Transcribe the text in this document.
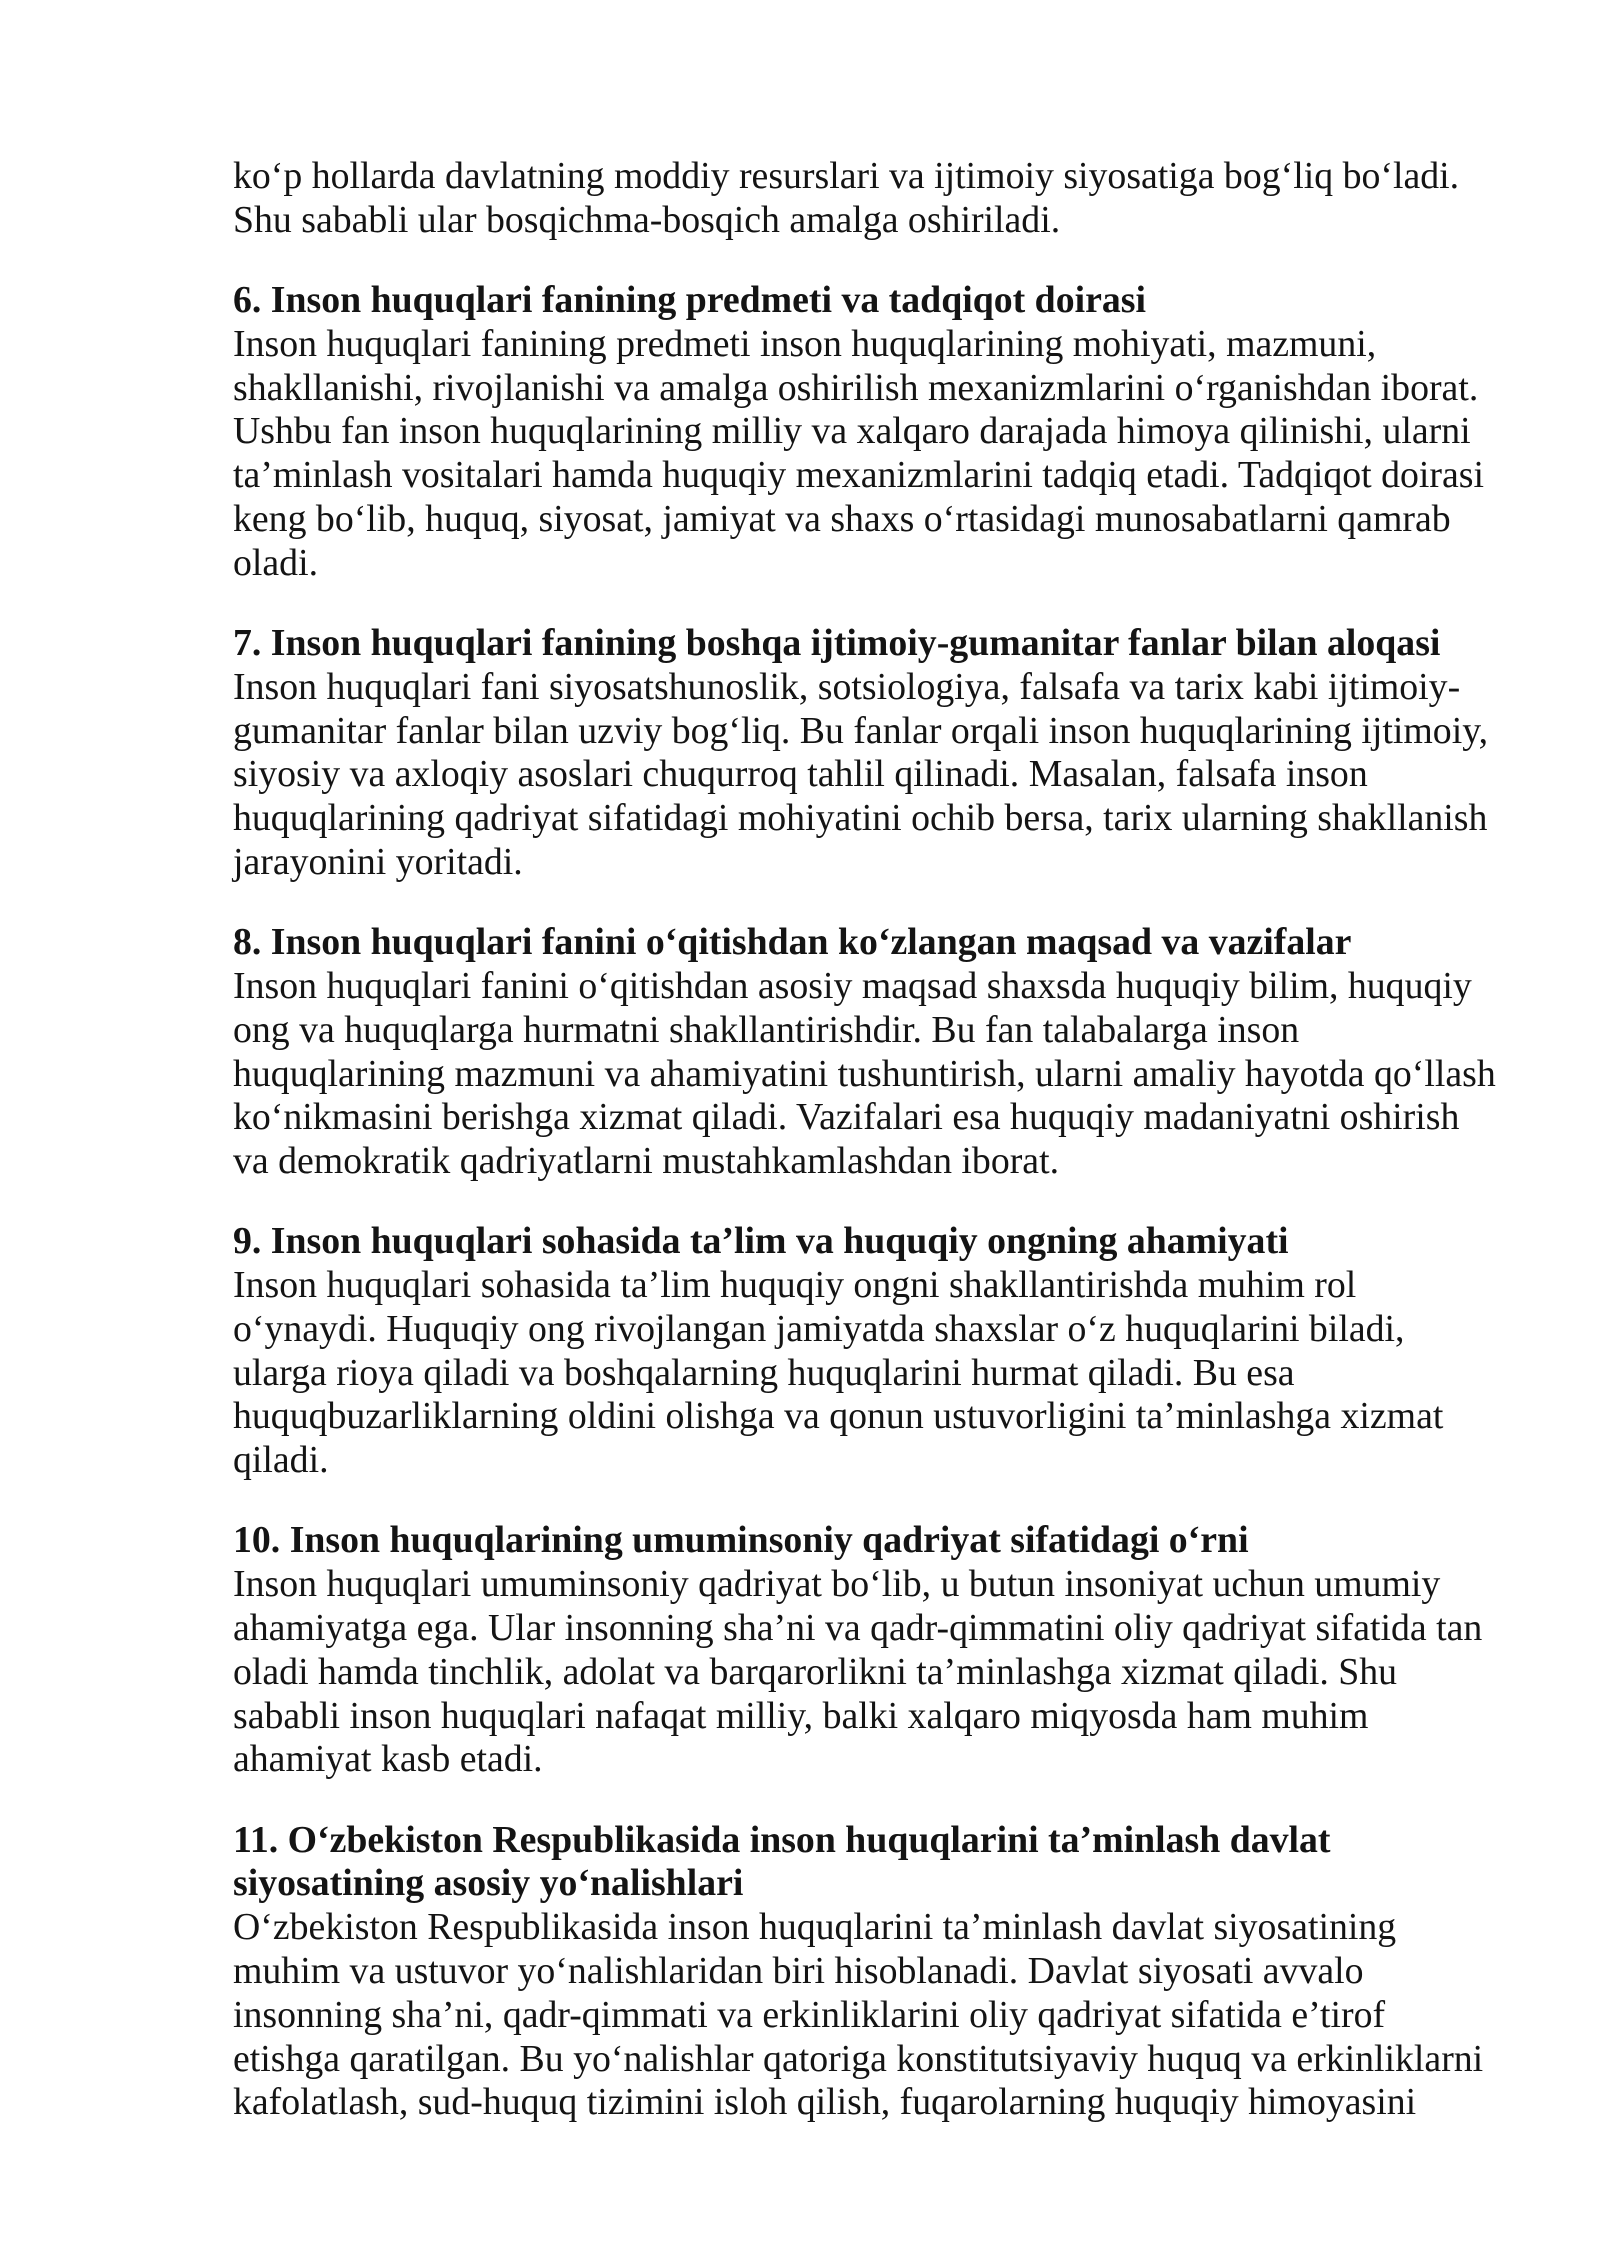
ko‘p hollarda davlatning moddiy resurslari va ijtimoiy siyosatiga bog‘liq bo‘ladi.
Shu sababli ular bosqichma-bosqich amalga oshiriladi.
6. Inson huquqlari fanining predmeti va tadqiqot doirasi
Inson huquqlari fanining predmeti inson huquqlarining mohiyati, mazmuni,
shakllanishi, rivojlanishi va amalga oshirilish mexanizmlarini o‘rganishdan iborat.
Ushbu fan inson huquqlarining milliy va xalqaro darajada himoya qilinishi, ularni
ta’minlash vositalari hamda huquqiy mexanizmlarini tadqiq etadi. Tadqiqot doirasi
keng bo‘lib, huquq, siyosat, jamiyat va shaxs o‘rtasidagi munosabatlarni qamrab
oladi.
7. Inson huquqlari fanining boshqa ijtimoiy-gumanitar fanlar bilan aloqasi
Inson huquqlari fani siyosatshunoslik, sotsiologiya, falsafa va tarix kabi ijtimoiy-
gumanitar fanlar bilan uzviy bog‘liq. Bu fanlar orqali inson huquqlarining ijtimoiy,
siyosiy va axloqiy asoslari chuqurroq tahlil qilinadi. Masalan, falsafa inson
huquqlarining qadriyat sifatidagi mohiyatini ochib bersa, tarix ularning shakllanish
jarayonini yoritadi.
8. Inson huquqlari fanini o‘qitishdan ko‘zlangan maqsad va vazifalar
Inson huquqlari fanini o‘qitishdan asosiy maqsad shaxsda huquqiy bilim, huquqiy
ong va huquqlarga hurmatni shakllantirishdir. Bu fan talabalarga inson
huquqlarining mazmuni va ahamiyatini tushuntirish, ularni amaliy hayotda qo‘llash
ko‘nikmasini berishga xizmat qiladi. Vazifalari esa huquqiy madaniyatni oshirish
va demokratik qadriyatlarni mustahkamlashdan iborat.
9. Inson huquqlari sohasida ta’lim va huquqiy ongning ahamiyati
Inson huquqlari sohasida ta’lim huquqiy ongni shakllantirishda muhim rol
o‘ynaydi. Huquqiy ong rivojlangan jamiyatda shaxslar o‘z huquqlarini biladi,
ularga rioya qiladi va boshqalarning huquqlarini hurmat qiladi. Bu esa
huquqbuzarliklarning oldini olishga va qonun ustuvorligini ta’minlashga xizmat
qiladi.
10. Inson huquqlarining umuminsoniy qadriyat sifatidagi o‘rni
Inson huquqlari umuminsoniy qadriyat bo‘lib, u butun insoniyat uchun umumiy
ahamiyatga ega. Ular insonning sha’ni va qadr-qimmatini oliy qadriyat sifatida tan
oladi hamda tinchlik, adolat va barqarorlikni ta’minlashga xizmat qiladi. Shu
sababli inson huquqlari nafaqat milliy, balki xalqaro miqyosda ham muhim
ahamiyat kasb etadi.
11. O‘zbekiston Respublikasida inson huquqlarini ta’minlash davlat
siyosatining asosiy yo‘nalishlari
O‘zbekiston Respublikasida inson huquqlarini ta’minlash davlat siyosatining
muhim va ustuvor yo‘nalishlaridan biri hisoblanadi. Davlat siyosati avvalo
insonning sha’ni, qadr-qimmati va erkinliklarini oliy qadriyat sifatida e’tirof
etishga qaratilgan. Bu yo‘nalishlar qatoriga konstitutsiyaviy huquq va erkinliklarni
kafolatlash, sud-huquq tizimini isloh qilish, fuqarolarning huquqiy himoyasini
